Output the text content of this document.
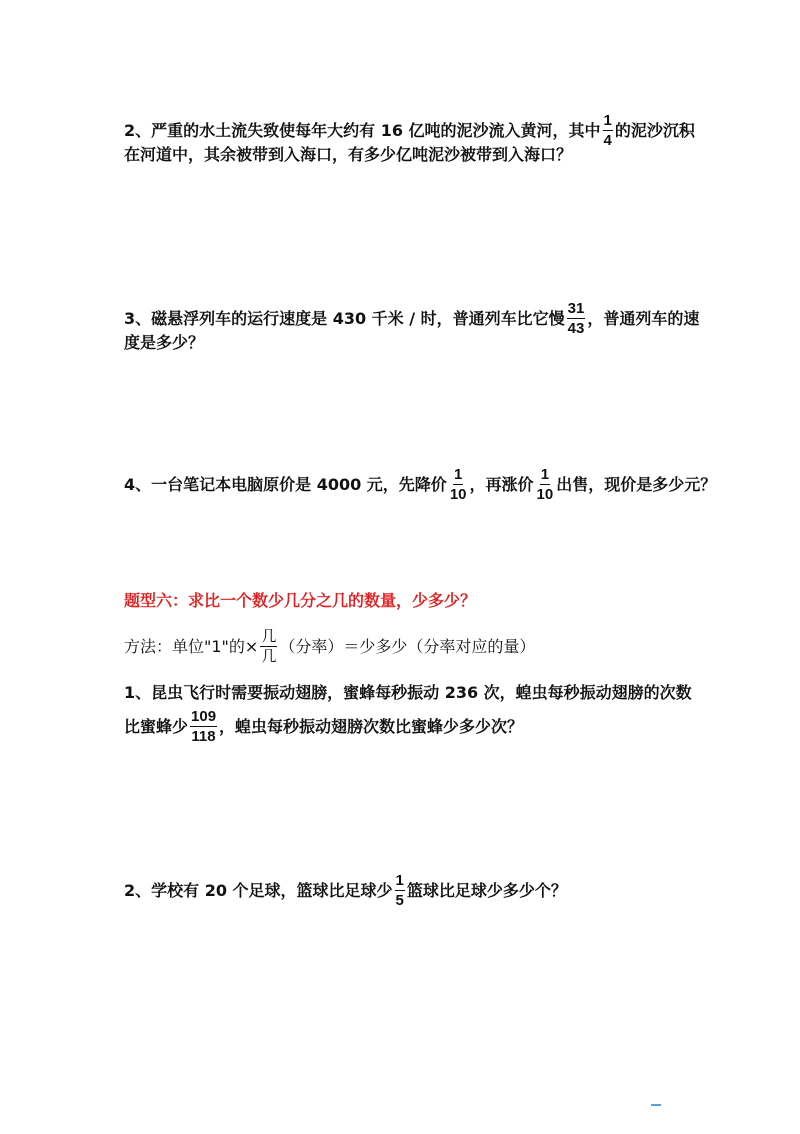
2、严重的水土流失致使每年大约有 16 亿吨的泥沙流入黄河，其中 $\frac{1}{4}$ 的泥沙沉积
在河道中，其余被带到入海口，有多少亿吨泥沙被带到入海口？
3、磁悬浮列车的运行速度是 430 千米 / 时，普通列车比它慢 $\frac{31}{43}$ ，普通列车的速
度是多少？
4、一台笔记本电脑原价是 4000 元，先降价 $\frac{1}{10}$ ，再涨价 $\frac{1}{10}$ 出售，现价是多少元？
题型六：求比一个数少几分之几的数量，少多少？
方法：单位"1"的× $\frac{\text{几}}{\text{几}}$ （分率）＝少多少（分率对应的量）
1、昆虫飞行时需要振动翅膀，蜜蜂每秒振动 236 次，蝗虫每秒振动翅膀的次数
比蜜蜂少 $\frac{109}{118}$ ，蝗虫每秒振动翅膀次数比蜜蜂少多少次？
2、学校有 20 个足球，篮球比足球少 $\frac{1}{5}$ 篮球比足球少多少个？
